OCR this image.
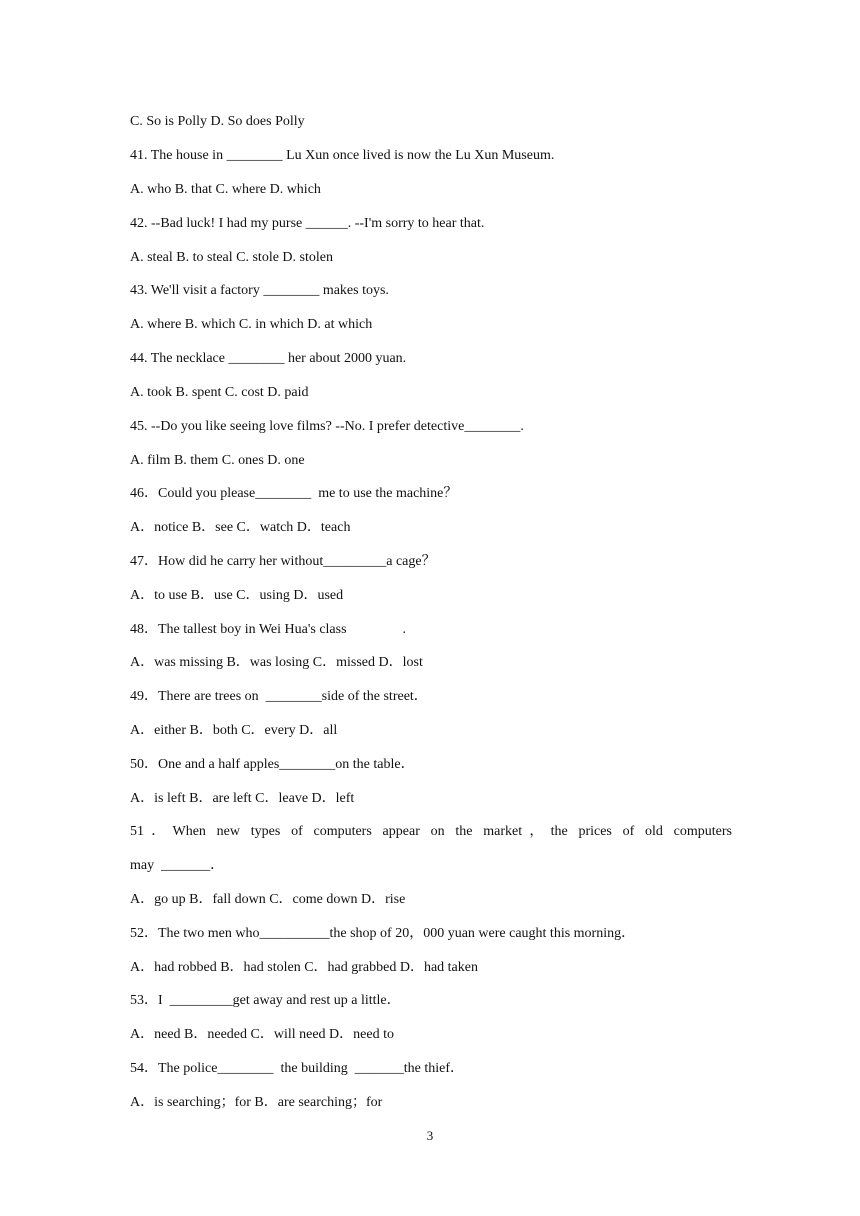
C. So is Polly D. So does Polly
41. The house in ________ Lu Xun once lived is now the Lu Xun Museum.
A. who B. that C. where D. which
42. --Bad luck! I had my purse ______. --I'm sorry to hear that.
A. steal B. to steal C. stole D. stolen
43. We'll visit a factory ________ makes toys.
A. where B. which C. in which D. at which
44. The necklace ________ her about 2000 yuan.
A. took B. spent C. cost D. paid
45. --Do you like seeing love films? --No. I prefer detective________.
A. film B. them C. ones D. one
46．Could you please________  me to use the machine？
A．notice B．see C．watch D．teach
47．How did he carry her without_________a cage？
A．to use B．use C．using D．used
48．The tallest boy in Wei Hua's class                .
A．was missing B．was losing C．missed D．lost
49．There are trees on  ________side of the street．
A．either B．both C．every D．all
50．One and a half apples________on the table．
A．is left B．are left C．leave D．left
51．When new types of computers appear on the market，the prices of old computers
may  _______．
A．go up B．fall down C．come down D．rise
52．The two men who__________the shop of 20，000 yuan were caught this morning．
A．had robbed B．had stolen C．had grabbed D．had taken
53．I  _________get away and rest up a little．
A．need B．needed C．will need D．need to
54．The police________  the building  _______the thief．
A．is searching；for B．are searching；for
3
